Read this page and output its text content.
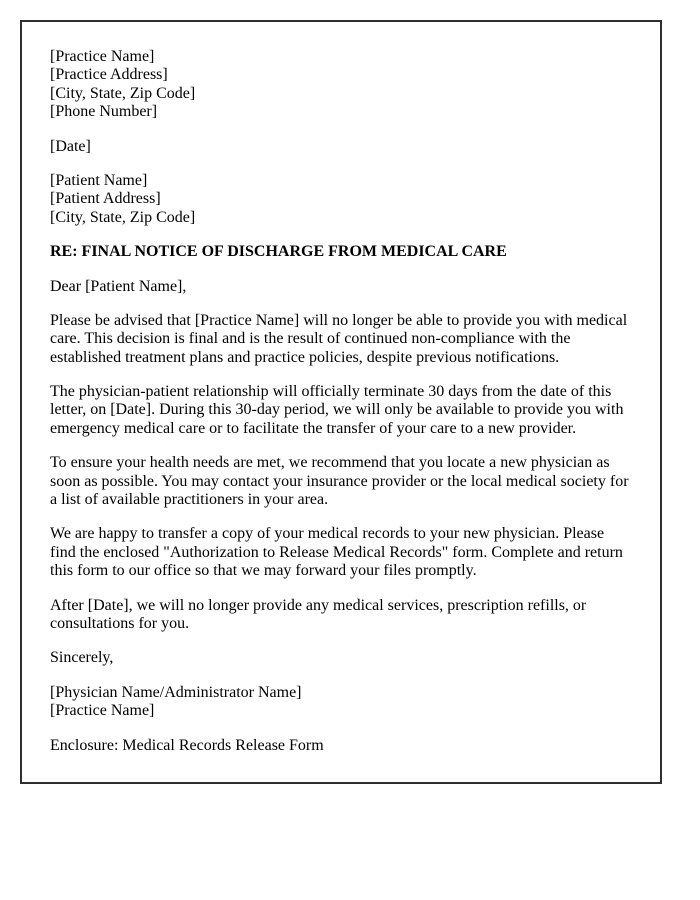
[Practice Name]
[Practice Address]
[City, State, Zip Code]
[Phone Number]
[Date]
[Patient Name]
[Patient Address]
[City, State, Zip Code]
RE: FINAL NOTICE OF DISCHARGE FROM MEDICAL CARE
Dear [Patient Name],

Please be advised that [Practice Name] will no longer be able to provide you with medical care. This decision is final and is the result of continued non-compliance with the established treatment plans and practice policies, despite previous notifications.

The physician-patient relationship will officially terminate 30 days from the date of this letter, on [Date]. During this 30-day period, we will only be available to provide you with emergency medical care or to facilitate the transfer of your care to a new provider.

To ensure your health needs are met, we recommend that you locate a new physician as soon as possible. You may contact your insurance provider or the local medical society for a list of available practitioners in your area.

We are happy to transfer a copy of your medical records to your new physician. Please find the enclosed "Authorization to Release Medical Records" form. Complete and return this form to our office so that we may forward your files promptly.

After [Date], we will no longer provide any medical services, prescription refills, or consultations for you.

Sincerely,
[Physician Name/Administrator Name]
[Practice Name]
Enclosure: Medical Records Release Form
